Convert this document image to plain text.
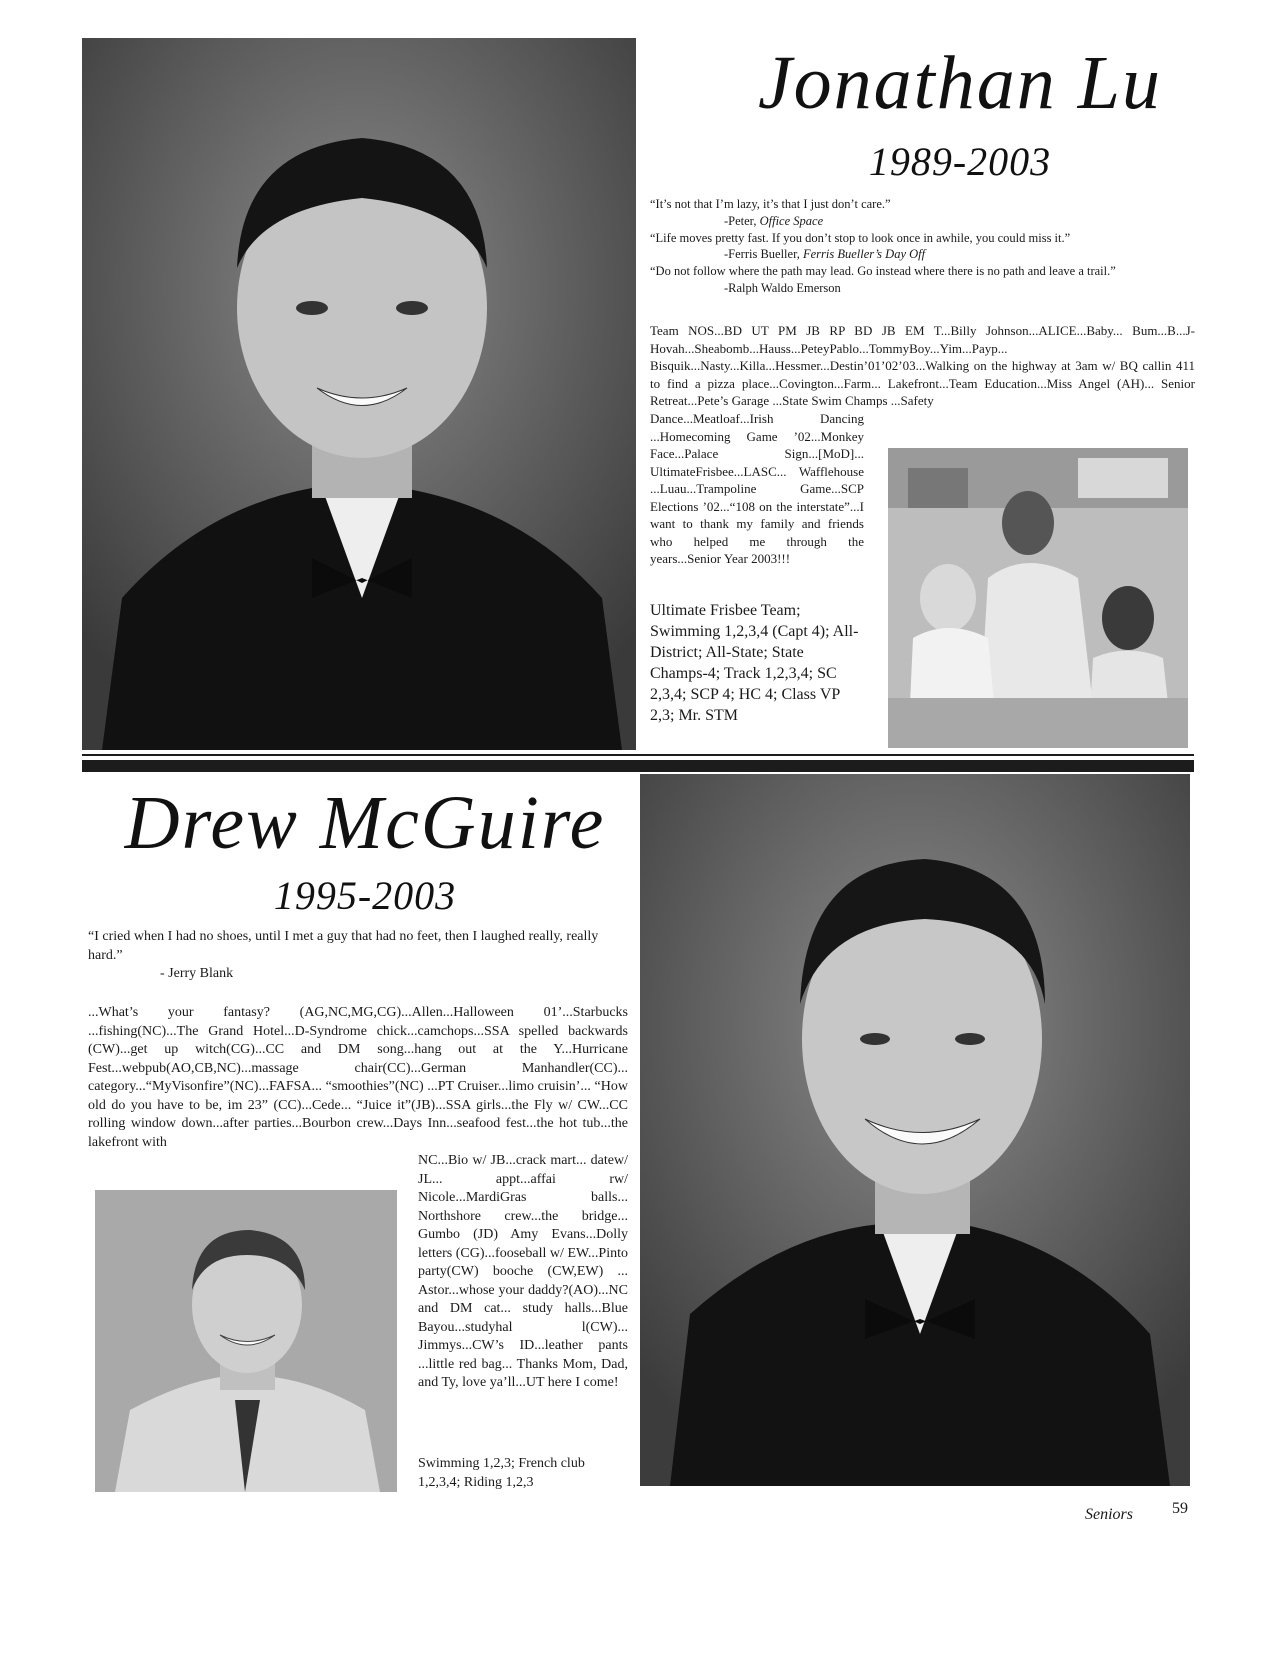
Jonathan Lu
1989-2003

“It’s not that I’m lazy, it’s that I just don’t care.”

-Peter, Office Space

“Life moves pretty fast. If you don’t stop to look once in awhile, you could miss it.”

-Ferris Bueller, Ferris Bueller’s Day Off

“Do not follow where the path may lead. Go instead where there is no path and leave a trail.”

-Ralph Waldo Emerson

Team NOS...BD UT PM JB RP BD JB EM T...Billy Johnson...ALICE...Baby... Bum...B...J-Hovah...Sheabomb...Hauss...PeteyPablo...TommyBoy...Yim...Payp... Bisquik...Nasty...Killa...Hessmer...Destin’01’02’03...Walking on the highway at 3am w/ BQ callin 411 to find a pizza place...Covington...Farm... Lakefront...Team Education...Miss Angel (AH)... Senior Retreat...Pete’s Garage ...State Swim Champs ...Safety
Dance...Meatloaf...Irish Dancing ...Homecoming Game ’02...Monkey Face...Palace Sign...[MoD]... UltimateFrisbee...LASC... Wafflehouse ...Luau...Trampoline Game...SCP Elections ’02...“108 on the interstate”...I want to thank my family and friends who helped me through the years...Senior Year 2003!!!
Ultimate Frisbee Team; Swimming 1,2,3,4 (Capt 4); All-District; All-State; State Champs-4; Track 1,2,3,4; SC 2,3,4; SCP 4; HC 4; Class VP 2,3; Mr. STM
Drew McGuire
1995-2003
“I cried when I had no shoes, until I met a guy that had no feet, then I laughed really, really hard.”
- Jerry Blank
...What’s your fantasy? (AG,NC,MG,CG)...Allen...Halloween 01’...Starbucks ...fishing(NC)...The Grand Hotel...D-Syndrome chick...camchops...SSA spelled backwards (CW)...get up witch(CG)...CC and DM song...hang out at the Y...Hurricane Fest...webpub(AO,CB,NC)...massage chair(CC)...German Manhandler(CC)... category...“MyVisonfire”(NC)...FAFSA... “smoothies”(NC) ...PT Cruiser...limo cruisin’... “How old do you have to be, im 23” (CC)...Cede... “Juice it”(JB)...SSA girls...the Fly w/ CW...CC rolling window down...after parties...Bourbon crew...Days Inn...seafood fest...the hot tub...the lakefront with
NC...Bio w/ JB...crack mart... datew/ JL... appt...affai rw/ Nicole...MardiGras balls... Northshore crew...the bridge... Gumbo (JD) Amy Evans...Dolly letters (CG)...fooseball w/ EW...Pinto party(CW) booche (CW,EW) ... Astor...whose your daddy?(AO)...NC and DM cat... study halls...Blue Bayou...studyhal l(CW)... Jimmys...CW’s ID...leather pants ...little red bag... Thanks Mom, Dad, and Ty, love ya’ll...UT here I come!
Swimming 1,2,3; French club 1,2,3,4; Riding 1,2,3
Seniors 59
